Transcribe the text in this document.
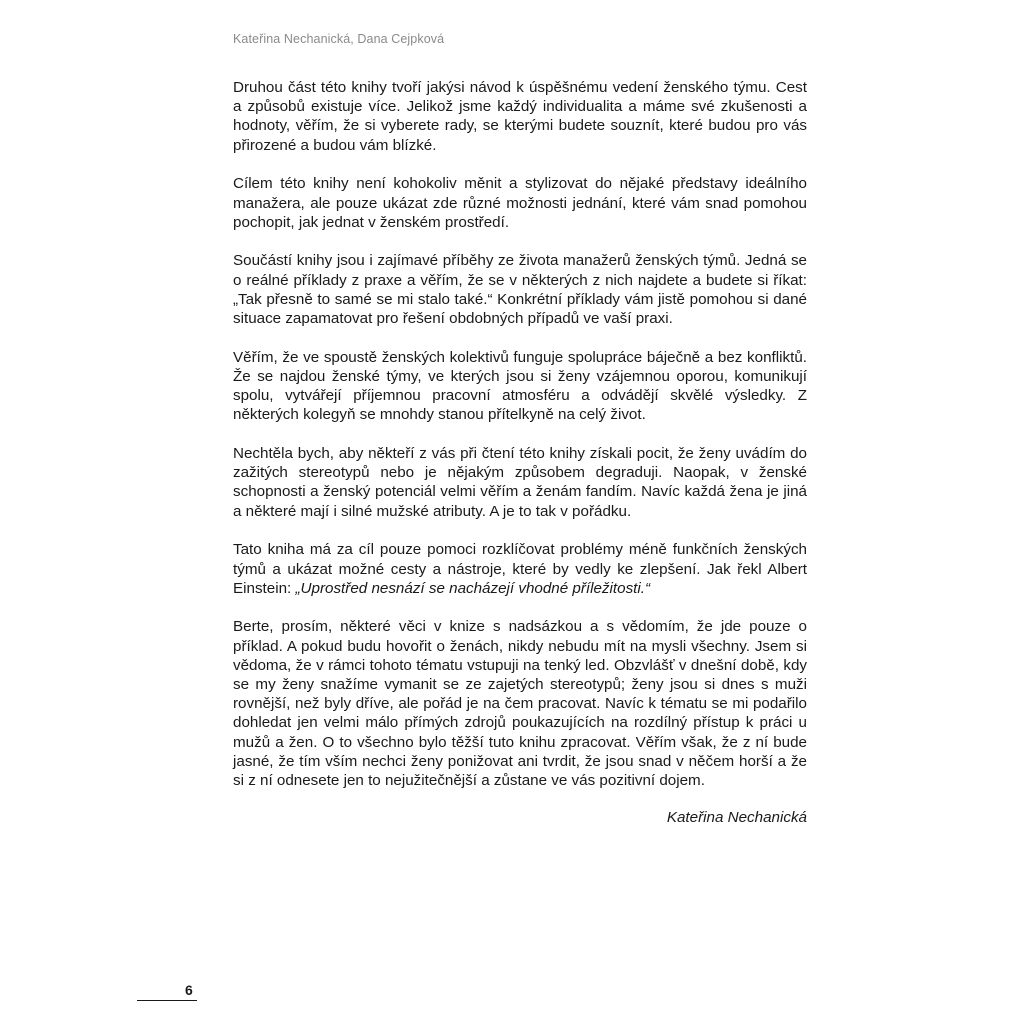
Kateřina Nechanická, Dana Cejpková

Druhou část této knihy tvoří jakýsi návod k úspěšnému vedení ženského týmu. Cest a způsobů existuje více. Jelikož jsme každý individualita a máme své zkušenosti a hodnoty, věřím, že si vyberete rady, se kterými budete souznít, které budou pro vás přirozené a budou vám blízké.

Cílem této knihy není kohokoliv měnit a stylizovat do nějaké představy ideálního manažera, ale pouze ukázat zde různé možnosti jednání, které vám snad pomohou pochopit, jak jednat v ženském prostředí.

Součástí knihy jsou i zajímavé příběhy ze života manažerů ženských týmů. Jedná se o reálné příklady z praxe a věřím, že se v některých z nich najdete a budete si říkat: „Tak přesně to samé se mi stalo také.“ Konkrétní příklady vám jistě pomohou si dané situace zapamatovat pro řešení obdobných případů ve vaší praxi.

Věřím, že ve spoustě ženských kolektivů funguje spolupráce báječně a bez konfliktů. Že se najdou ženské týmy, ve kterých jsou si ženy vzájemnou oporou, komunikují spolu, vytvářejí příjemnou pracovní atmosféru a odvádějí skvělé výsledky. Z některých kolegyň se mnohdy stanou přítelkyně na celý život.

Nechtěla bych, aby někteří z vás při čtení této knihy získali pocit, že ženy uvádím do zažitých stereotypů nebo je nějakým způsobem degraduji. Naopak, v ženské schopnosti a ženský potenciál velmi věřím a ženám fandím. Navíc každá žena je jiná a některé mají i silné mužské atributy. A je to tak v pořádku.

Tato kniha má za cíl pouze pomoci rozklíčovat problémy méně funkčních ženských týmů a ukázat možné cesty a nástroje, které by vedly ke zlepšení. Jak řekl Albert Einstein: „Uprostřed nesnází se nacházejí vhodné příležitosti.“

Berte, prosím, některé věci v knize s nadsázkou a s vědomím, že jde pouze o příklad. A pokud budu hovořit o ženách, nikdy nebudu mít na mysli všechny. Jsem si vědoma, že v rámci tohoto tématu vstupuji na tenký led. Obzvlášť v dnešní době, kdy se my ženy snažíme vymanit se ze zajetých stereotypů; ženy jsou si dnes s muži rovnější, než byly dříve, ale pořád je na čem pracovat. Navíc k tématu se mi podařilo dohledat jen velmi málo přímých zdrojů poukazujících na rozdílný přístup k práci u mužů a žen. O to všechno bylo těžší tuto knihu zpracovat. Věřím však, že z ní bude jasné, že tím vším nechci ženy ponižovat ani tvrdit, že jsou snad v něčem horší a že si z ní odnesete jen to nejužitečnější a zůstane ve vás pozitivní dojem.

Kateřina Nechanická
6
